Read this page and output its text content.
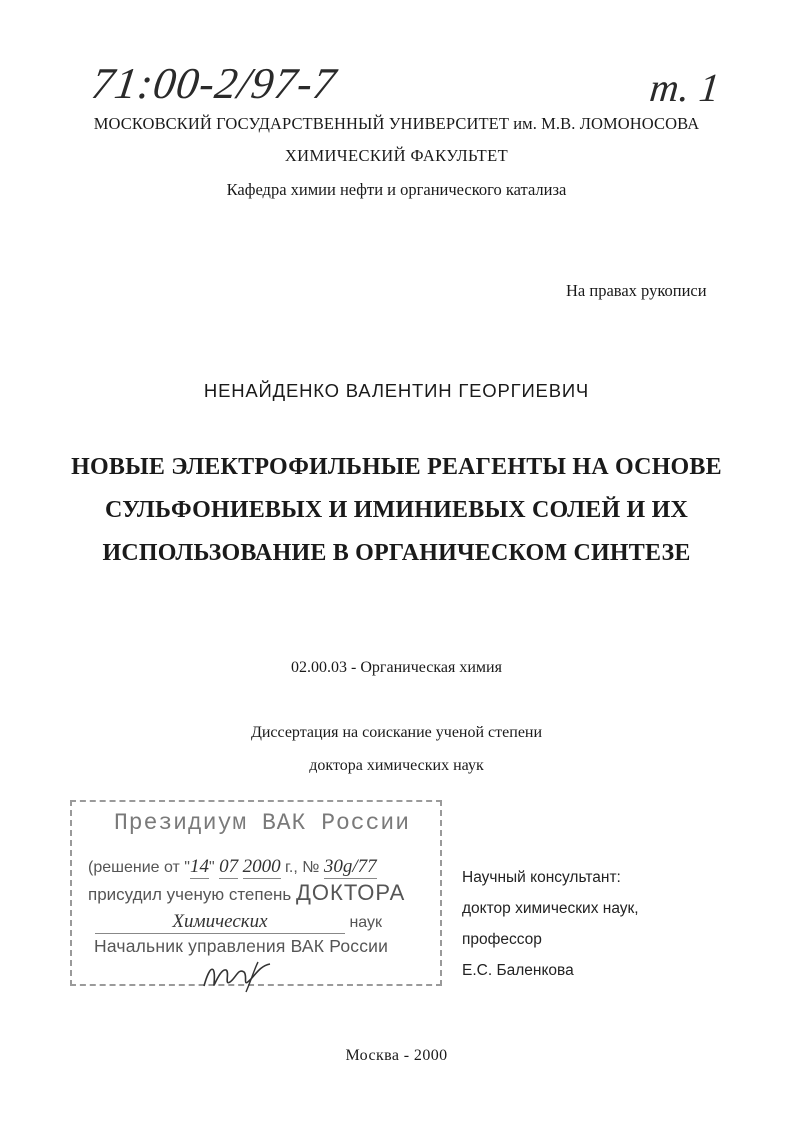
71:00-2/97-7	т. 1
МОСКОВСКИЙ ГОСУДАРСТВЕННЫЙ УНИВЕРСИТЕТ им. М.В. ЛОМОНОСОВА
ХИМИЧЕСКИЙ ФАКУЛЬТЕТ
Кафедра химии нефти и органического катализа
На правах рукописи
НЕНАЙДЕНКО ВАЛЕНТИН ГЕОРГИЕВИЧ
НОВЫЕ ЭЛЕКТРОФИЛЬНЫЕ РЕАГЕНТЫ НА ОСНОВЕ
СУЛЬФОНИЕВЫХ И ИМИНИЕВЫХ СОЛЕЙ И ИХ
ИСПОЛЬЗОВАНИЕ В ОРГАНИЧЕСКОМ СИНТЕЗЕ
02.00.03 - Органическая химия
Диссертация на соискание ученой степени
доктора химических наук
Президиум ВАК России
(решение от "14" 07 2000 г., № 30g/77
присудил ученую степень ДОКТОРА
Химических	наук
Начальник управления ВАК России
Научный консультант:
доктор химических наук,
профессор
Е.С. Баленкова
Москва - 2000
